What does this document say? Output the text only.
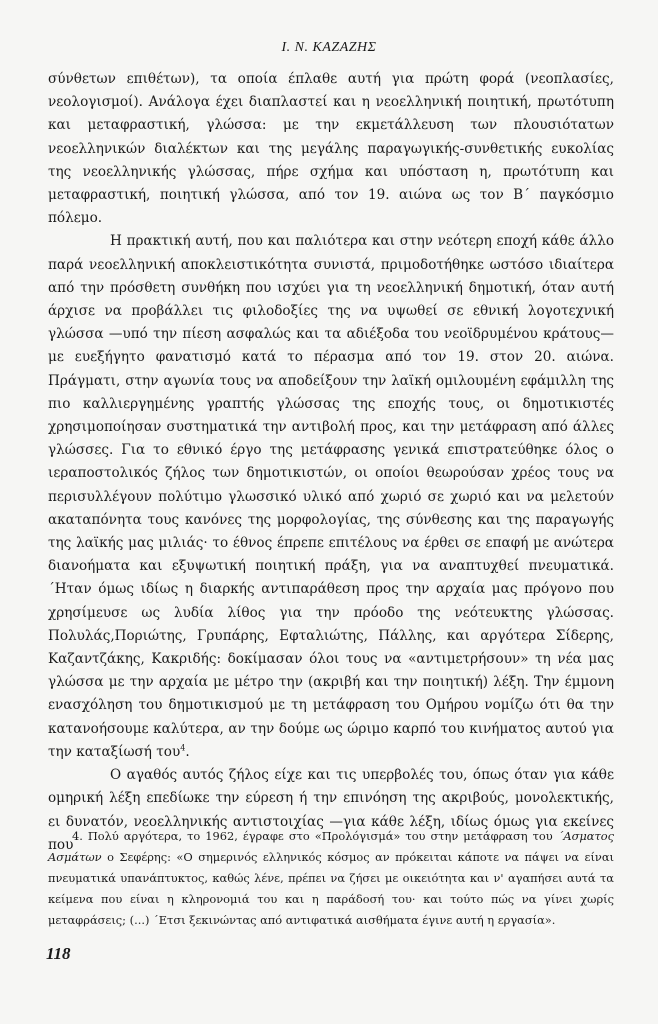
Ι. Ν. ΚΑΖΑΖΗΣ

σύνθετων επιθέτων), τα οποία έπλαθε αυτή για πρώτη φορά (νεοπλασίες, νεολογισμοί). Ανάλογα έχει διαπλαστεί και η νεοελληνική ποιητική, πρωτότυπη και μεταφραστική, γλώσσα: με την εκμετάλλευση των πλουσιότατων νεοελληνικών διαλέκτων και της μεγάλης παραγωγικής-συνθετικής ευκολίας της νεοελληνικής γλώσσας, πήρε σχήμα και υπόσταση η, πρωτότυπη και μεταφραστική, ποιητική γλώσσα, από τον 19. αιώνα ως τον Β΄ παγκόσμιο πόλεμο.

Η πρακτική αυτή, που και παλιότερα και στην νεότερη εποχή κάθε άλλο παρά νεοελληνική αποκλειστικότητα συνιστά, πριμοδοτήθηκε ωστόσο ιδιαίτερα από την πρόσθετη συνθήκη που ισχύει για τη νεοελληνική δημοτική, όταν αυτή άρχισε να προβάλλει τις φιλοδοξίες της να υψωθεί σε εθνική λογοτεχνική γλώσσα —υπό την πίεση ασφαλώς και τα αδιέξοδα του νεοϊδρυμένου κράτους— με ευεξήγητο φανατισμό κατά το πέρασμα από τον 19. στον 20. αιώνα. Πράγματι, στην αγωνία τους να αποδείξουν την λαϊκή ομιλουμένη εφάμιλλη της πιο καλλιεργημένης γραπτής γλώσσας της εποχής τους, οι δημοτικιστές χρησιμοποίησαν συστηματικά την αντιβολή προς, και την μετάφραση από άλλες γλώσσες. Για το εθνικό έργο της μετάφρασης γενικά επιστρατεύθηκε όλος ο ιεραποστολικός ζήλος των δημοτικιστών, οι οποίοι θεωρούσαν χρέος τους να περισυλλέγουν πολύτιμο γλωσσικό υλικό από χωριό σε χωριό και να μελετούν ακαταπόνητα τους κανόνες της μορφολογίας, της σύνθεσης και της παραγωγής της λαϊκής μας μιλιάς· το έθνος έπρεπε επιτέλους να έρθει σε επαφή με ανώτερα διανοήματα και εξυψωτική ποιητική πράξη, για να αναπτυχθεί πνευματικά. ΄Ηταν όμως ιδίως η διαρκής αντιπαράθεση προς την αρχαία μας πρόγονο που χρησίμευσε ως λυδία λίθος για την πρόοδο της νεότευκτης γλώσσας. Πολυλάς,Ποριώτης, Γρυπάρης, Εφταλιώτης, Πάλλης, και αργότερα Σίδερης, Καζαντζάκης, Κακριδής: δοκίμασαν όλοι τους να «αντιμετρήσουν» τη νέα μας γλώσσα με την αρχαία με μέτρο την (ακριβή και την ποιητική) λέξη. Την έμμονη ενασχόληση του δημοτικισμού με τη μετάφραση του Ομήρου νομίζω ότι θα την κατανοήσουμε καλύτερα, αν την δούμε ως ώριμο καρπό του κινήματος αυτού για την καταξίωσή του$^4$.

Ο αγαθός αυτός ζήλος είχε και τις υπερβολές του, όπως όταν για κάθε ομηρική λέξη επεδίωκε την εύρεση ή την επινόηση της ακριβούς, μονολεκτικής, ει δυνατόν, νεοελληνικής αντιστοιχίας —για κάθε λέξη, ιδίως όμως για εκείνες που

4. Πολύ αργότερα, το 1962, έγραφε στο «Προλόγισμά» του στην μετάφραση του ΄Ασματος Ασμάτων ο Σεφέρης: «Ο σημερινός ελληνικός κόσμος αν πρόκειται κάποτε να πάψει να είναι πνευματικά υπανάπτυκτος, καθώς λένε, πρέπει να ζήσει με οικειότητα και ν' αγαπήσει αυτά τα κείμενα που είναι η κληρονομιά του και η παράδοσή του· και τούτο πώς να γίνει χωρίς μεταφράσεις; (...) ΄Ετσι ξεκινώντας από αντιφατικά αισθήματα έγινε αυτή η εργασία».

118
